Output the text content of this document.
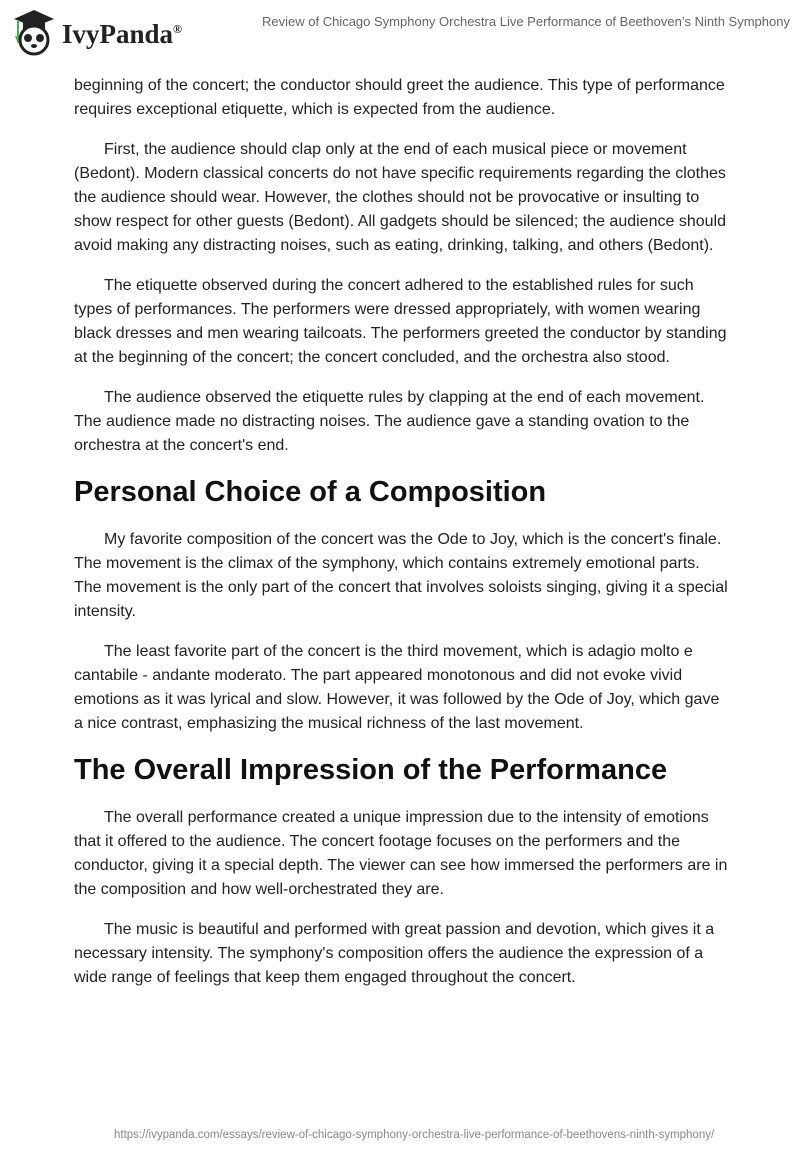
IvyPanda®	Review of Chicago Symphony Orchestra Live Performance of Beethoven’s Ninth Symphony

beginning of the concert; the conductor should greet the audience. This type of performance requires exceptional etiquette, which is expected from the audience.

First, the audience should clap only at the end of each musical piece or movement (Bedont). Modern classical concerts do not have specific requirements regarding the clothes the audience should wear. However, the clothes should not be provocative or insulting to show respect for other guests (Bedont). All gadgets should be silenced; the audience should avoid making any distracting noises, such as eating, drinking, talking, and others (Bedont).

The etiquette observed during the concert adhered to the established rules for such types of performances. The performers were dressed appropriately, with women wearing black dresses and men wearing tailcoats. The performers greeted the conductor by standing at the beginning of the concert; the concert concluded, and the orchestra also stood.

The audience observed the etiquette rules by clapping at the end of each movement. The audience made no distracting noises. The audience gave a standing ovation to the orchestra at the concert's end.

Personal Choice of a Composition

My favorite composition of the concert was the Ode to Joy, which is the concert's finale. The movement is the climax of the symphony, which contains extremely emotional parts. The movement is the only part of the concert that involves soloists singing, giving it a special intensity.

The least favorite part of the concert is the third movement, which is adagio molto e cantabile - andante moderato. The part appeared monotonous and did not evoke vivid emotions as it was lyrical and slow. However, it was followed by the Ode of Joy, which gave a nice contrast, emphasizing the musical richness of the last movement.

The Overall Impression of the Performance

The overall performance created a unique impression due to the intensity of emotions that it offered to the audience. The concert footage focuses on the performers and the conductor, giving it a special depth. The viewer can see how immersed the performers are in the composition and how well-orchestrated they are.

The music is beautiful and performed with great passion and devotion, which gives it a necessary intensity. The symphony's composition offers the audience the expression of a wide range of feelings that keep them engaged throughout the concert.

https://ivypanda.com/essays/review-of-chicago-symphony-orchestra-live-performance-of-beethovens-ninth-symphony/
